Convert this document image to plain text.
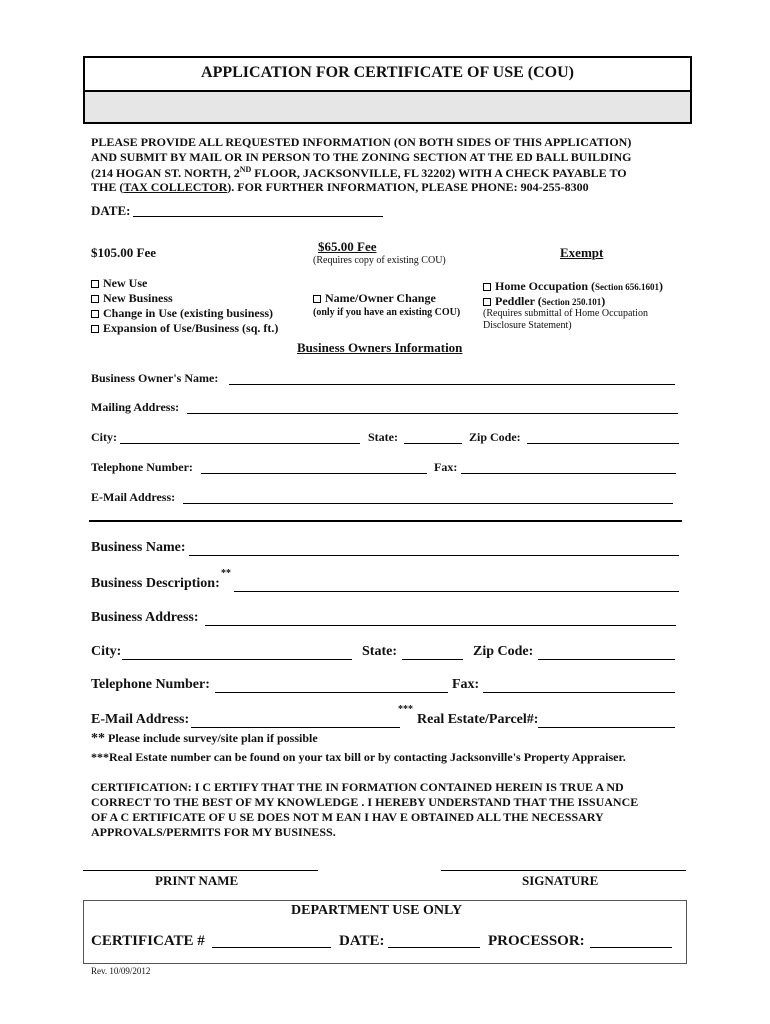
APPLICATION FOR CERTIFICATE OF USE (COU)
PLEASE PROVIDE ALL REQUESTED INFORMATION (ON BOTH SIDES OF THIS APPLICATION)
AND SUBMIT BY MAIL OR IN PERSON TO THE ZONING SECTION AT THE ED BALL BUILDING
(214 HOGAN ST. NORTH, 2ND FLOOR, JACKSONVILLE, FL 32202) WITH A CHECK PAYABLE TO
THE (TAX COLLECTOR). FOR FURTHER INFORMATION, PLEASE PHONE: 904-255-8300
DATE:
$105.00 Fee	$65.00 Fee
(Requires copy of existing COU)
Exempt
New Use
New Business
Change in Use (existing business)
Expansion of Use/Business (sq. ft.)
Name/Owner Change
(only if you have an existing COU)
Home Occupation (Section 656.1601)
Peddler (Section 250.101)
(Requires submittal of Home Occupation
Disclosure Statement)
Business Owners Information
Business Owner's Name:
Mailing Address:
City:	State:	Zip Code:
Telephone Number:	Fax:
E-Mail Address:
Business Name:
Business Description:
**
Business Address:
City:	State:	Zip Code:
Telephone Number:	Fax:
E-Mail Address:
***
Real Estate/Parcel#:
** Please include survey/site plan if possible
***Real Estate number can be found on your tax bill or by contacting Jacksonville's Property Appraiser.
CERTIFICATION: I C ERTIFY THAT THE IN FORMATION CONTAINED HEREIN IS TRUE A ND
CORRECT TO THE BEST OF MY KNOWLEDGE . I HEREBY UNDERSTAND THAT THE ISSUANCE
OF A C ERTIFICATE OF U SE DOES NOT M EAN I HAV E OBTAINED ALL THE NECESSARY
APPROVALS/PERMITS FOR MY BUSINESS.
PRINT NAME	SIGNATURE
DEPARTMENT USE ONLY
CERTIFICATE #	DATE:	PROCESSOR:
Rev. 10/09/2012
